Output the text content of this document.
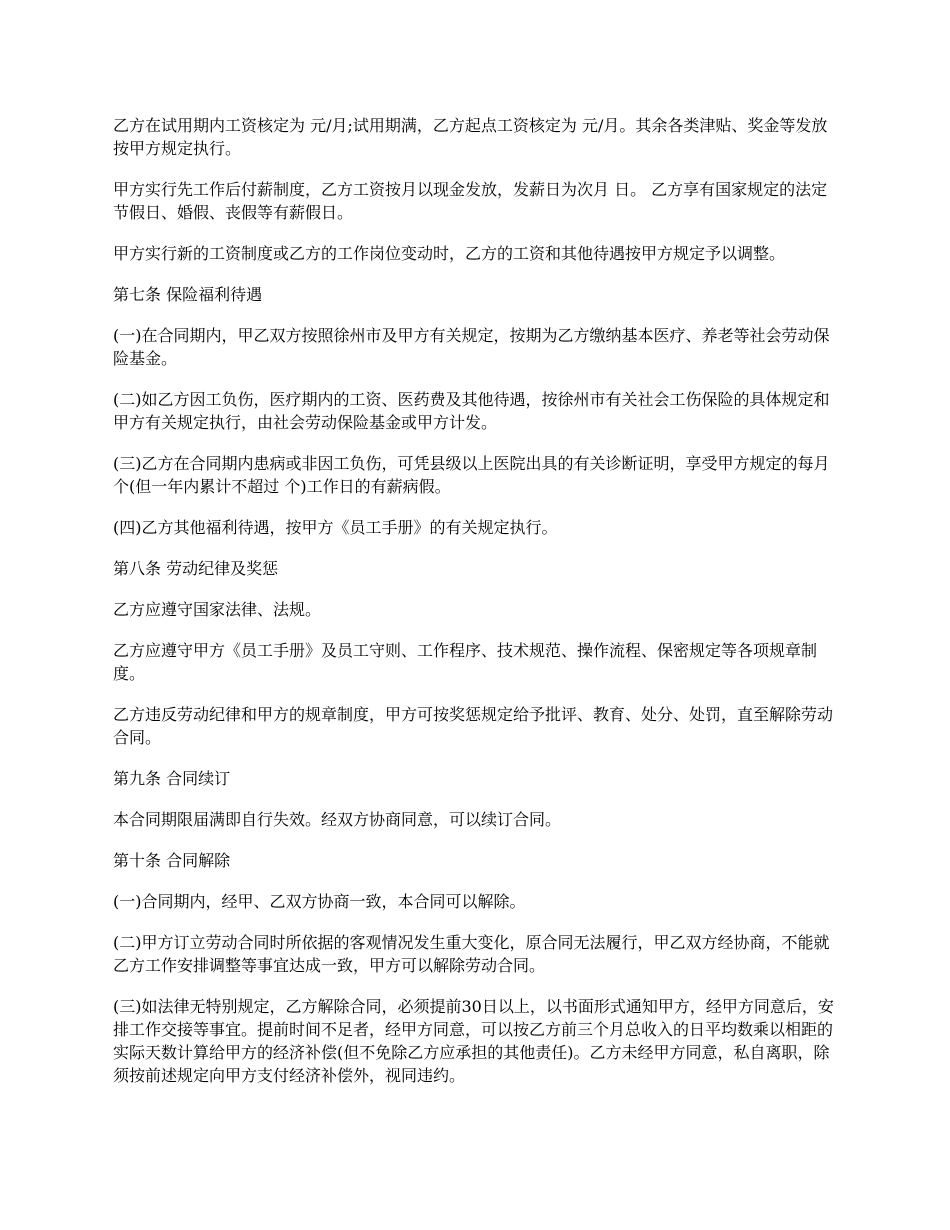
乙方在试用期内工资核定为 元/月;试用期满，乙方起点工资核定为 元/月。其余各类津贴、奖金等发放按甲方规定执行。

甲方实行先工作后付薪制度，乙方工资按月以现金发放，发薪日为次月 日。 乙方享有国家规定的法定节假日、婚假、丧假等有薪假日。

甲方实行新的工资制度或乙方的工作岗位变动时，乙方的工资和其他待遇按甲方规定予以调整。

第七条 保险福利待遇

(一)在合同期内，甲乙双方按照徐州市及甲方有关规定，按期为乙方缴纳基本医疗、养老等社会劳动保险基金。

(二)如乙方因工负伤，医疗期内的工资、医药费及其他待遇，按徐州市有关社会工伤保险的具体规定和甲方有关规定执行，由社会劳动保险基金或甲方计发。

(三)乙方在合同期内患病或非因工负伤，可凭县级以上医院出具的有关诊断证明，享受甲方规定的每月 个(但一年内累计不超过 个)工作日的有薪病假。

(四)乙方其他福利待遇，按甲方《员工手册》的有关规定执行。

第八条 劳动纪律及奖惩

乙方应遵守国家法律、法规。

乙方应遵守甲方《员工手册》及员工守则、工作程序、技术规范、操作流程、保密规定等各项规章制度。

乙方违反劳动纪律和甲方的规章制度，甲方可按奖惩规定给予批评、教育、处分、处罚，直至解除劳动合同。

第九条 合同续订

本合同期限届满即自行失效。经双方协商同意，可以续订合同。

第十条 合同解除

(一)合同期内，经甲、乙双方协商一致，本合同可以解除。

(二)甲方订立劳动合同时所依据的客观情况发生重大变化，原合同无法履行，甲乙双方经协商，不能就乙方工作安排调整等事宜达成一致，甲方可以解除劳动合同。

(三)如法律无特别规定，乙方解除合同，必须提前30日以上，以书面形式通知甲方，经甲方同意后，安排工作交接等事宜。提前时间不足者，经甲方同意，可以按乙方前三个月总收入的日平均数乘以相距的实际天数计算给甲方的经济补偿(但不免除乙方应承担的其他责任)。乙方未经甲方同意，私自离职，除须按前述规定向甲方支付经济补偿外，视同违约。
